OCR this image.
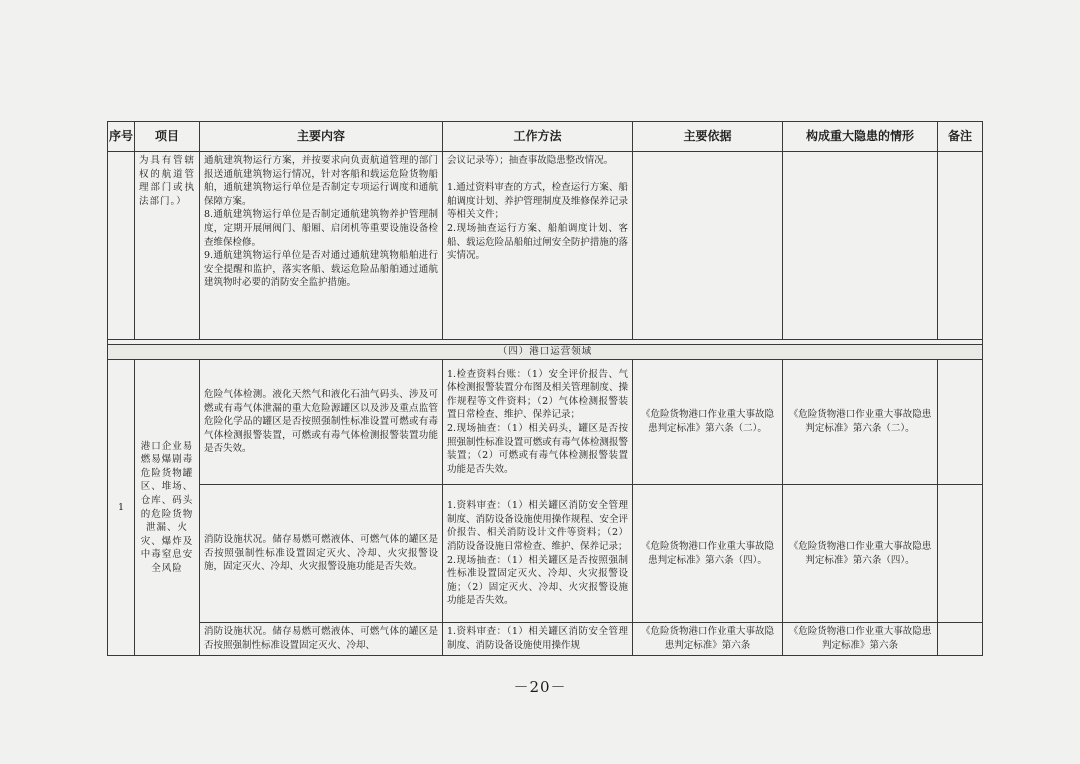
序号	项目	主要内容	工作方法	主要依据	构成重大隐患的情形	备注
	为具有管辖权的航道管理部门或执法部门。）	通航建筑物运行方案，并按要求向负责航道管理的部门报送通航建筑物运行情况，针对客船和载运危险货物船舶，通航建筑物运行单位是否制定专项运行调度和通航保障方案。
8.通航建筑物运行单位是否制定通航建筑物养护管理制度，定期开展闸阀门、船厢、启闭机等重要设施设备检查维保检修。
9.通航建筑物运行单位是否对通过通航建筑物船舶进行安全提醒和监护，落实客船、载运危险品船舶通过通航建筑物时必要的消防安全监护措施。	会议记录等）；抽查事故隐患整改情况。

1.通过资料审查的方式，检查运行方案、船舶调度计划、养护管理制度及维修保养记录等相关文件；
2.现场抽查运行方案、船舶调度计划、客船、载运危险品船舶过闸安全防护措施的落实情况。			

（四）港口运营领域						
1	港口企业易燃易爆剧毒危险货物罐区、堆场、仓库、码头的危险货物泄漏、火灾、爆炸及中毒窒息安全风险	危险气体检测。液化天然气和液化石油气码头、涉及可燃或有毒气体泄漏的重大危险源罐区以及涉及重点监管危险化学品的罐区是否按照强制性标准设置可燃或有毒气体检测报警装置，可燃或有毒气体检测报警装置功能是否失效。	1.检查资料台账：（1）安全评价报告、气体检测报警装置分布图及相关管理制度、操作规程等文件资料；（2）气体检测报警装置日常检查、维护、保养记录；
2.现场抽查：（1）相关码头，罐区是否按照强制性标准设置可燃或有毒气体检测报警装置；（2）可燃或有毒气体检测报警装置功能是否失效。	《危险货物港口作业重大事故隐患判定标准》第六条（二）。	《危险货物港口作业重大事故隐患判定标准》第六条（二）。	
		消防设施状况。储存易燃可燃液体、可燃气体的罐区是否按照强制性标准设置固定灭火、冷却、火灾报警设施，固定灭火、冷却、火灾报警设施功能是否失效。	1.资料审查：（1）相关罐区消防安全管理制度、消防设备设施使用操作规程、安全评价报告、相关消防设计文件等资料；（2）消防设备设施日常检查、维护、保养记录；
2.现场抽查：（1）相关罐区是否按照强制性标准设置固定灭火、冷却、火灾报警设施；（2）固定灭火、冷却、火灾报警设施功能是否失效。	《危险货物港口作业重大事故隐患判定标准》第六条（四）。	《危险货物港口作业重大事故隐患判定标准》第六条（四）。	
		消防设施状况。储存易燃可燃液体、可燃气体的罐区是否按照强制性标准设置固定灭火、冷却、	1.资料审查：（1）相关罐区消防安全管理制度、消防设备设施使用操作规	《危险货物港口作业重大事故隐患判定标准》第六条	《危险货物港口作业重大事故隐患判定标准》第六条	
－20－
